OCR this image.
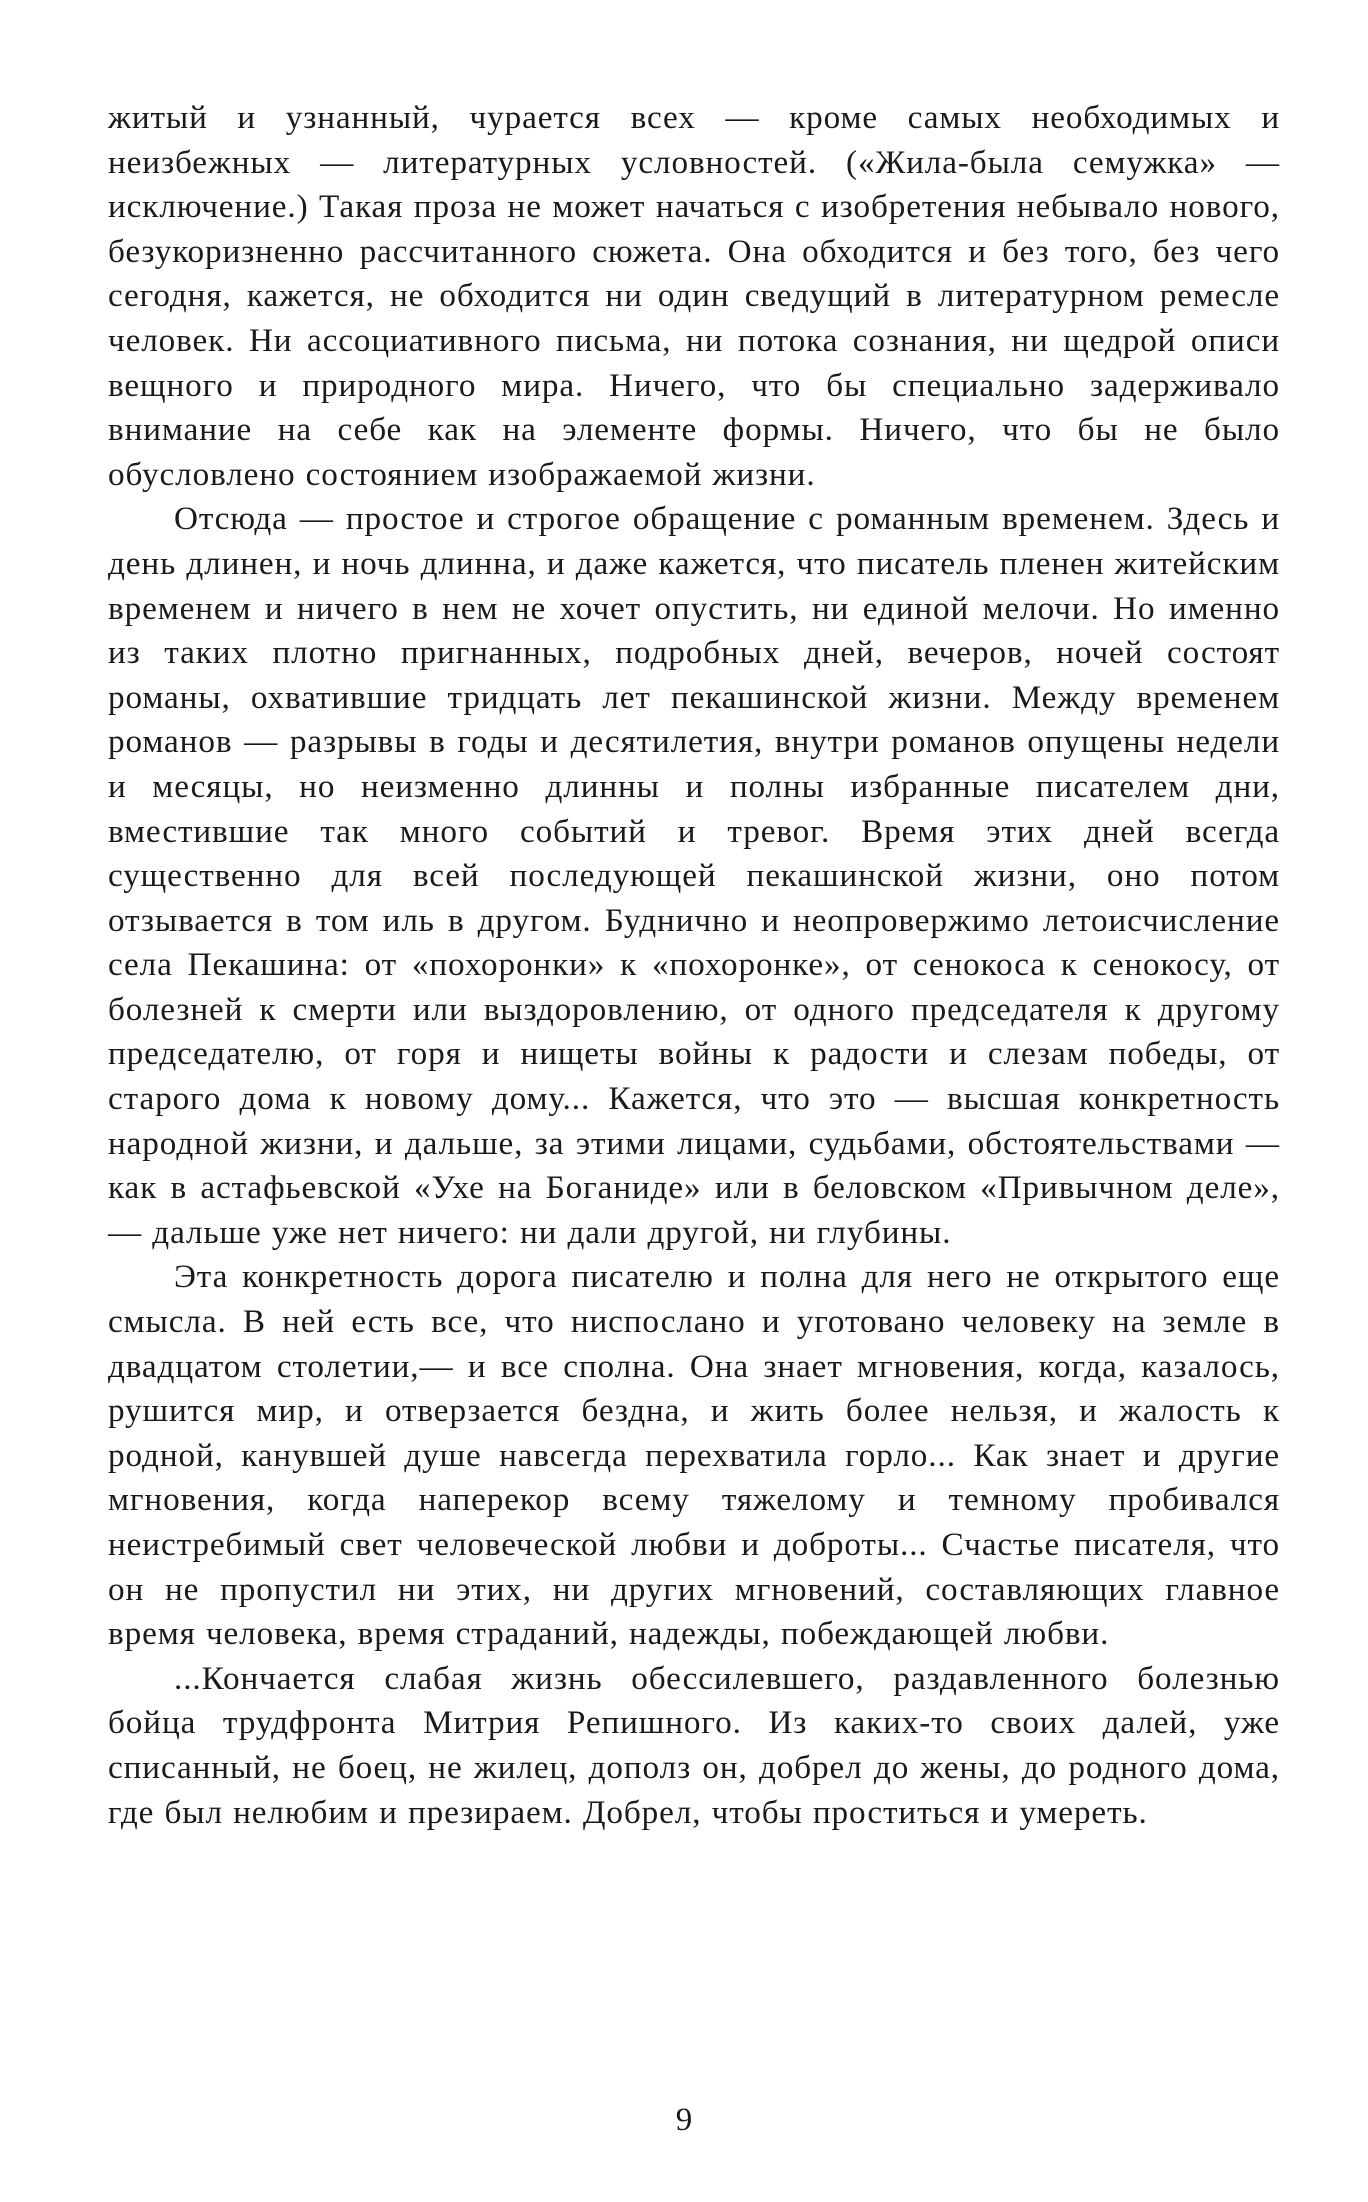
житый и узнанный, чурается всех — кроме самых необходимых и неизбежных — литературных условностей. («Жила-была семужка» — исключение.) Такая проза не может начаться с изобретения небывало нового, безукоризненно рассчитанного сюжета. Она обходится и без того, без чего сегодня, кажется, не обходится ни один сведущий в литературном ремесле человек. Ни ассоциативного письма, ни потока сознания, ни щедрой описи вещного и природного мира. Ничего, что бы специально задерживало внимание на себе как на элементе формы. Ничего, что бы не было обусловлено состоянием изображаемой жизни.

Отсюда — простое и строгое обращение с романным временем. Здесь и день длинен, и ночь длинна, и даже кажется, что писатель пленен житейским временем и ничего в нем не хочет опустить, ни единой мелочи. Но именно из таких плотно пригнанных, подробных дней, вечеров, ночей состоят романы, охватившие тридцать лет пекашинской жизни. Между временем романов — разрывы в годы и десятилетия, внутри романов опущены недели и месяцы, но неизменно длинны и полны избранные писателем дни, вместившие так много событий и тревог. Время этих дней всегда существенно для всей последующей пекашинской жизни, оно потом отзывается в том иль в другом. Буднично и неопровержимо летоисчисление села Пекашина: от «похоронки» к «похоронке», от сенокоса к сенокосу, от болезней к смерти или выздоровлению, от одного председателя к другому председателю, от горя и нищеты войны к радости и слезам победы, от старого дома к новому дому... Кажется, что это — высшая конкретность народной жизни, и дальше, за этими лицами, судьбами, обстоятельствами — как в астафьевской «Ухе на Боганиде» или в беловском «Привычном деле»,— дальше уже нет ничего: ни дали другой, ни глубины.

Эта конкретность дорога писателю и полна для него не открытого еще смысла. В ней есть все, что ниспослано и уготовано человеку на земле в двадцатом столетии,— и все сполна. Она знает мгновения, когда, казалось, рушится мир, и отверзается бездна, и жить более нельзя, и жалость к родной, канувшей душе навсегда перехватила горло... Как знает и другие мгновения, когда наперекор всему тяжелому и темному пробивался неистребимый свет человеческой любви и доброты... Счастье писателя, что он не пропустил ни этих, ни других мгновений, составляющих главное время человека, время страданий, надежды, побеждающей любви.

...Кончается слабая жизнь обессилевшего, раздавленного болезнью бойца трудфронта Митрия Репишного. Из каких-то своих далей, уже списанный, не боец, не жилец, дополз он, добрел до жены, до родного дома, где был нелюбим и презираем. Добрел, чтобы проститься и умереть.

9
